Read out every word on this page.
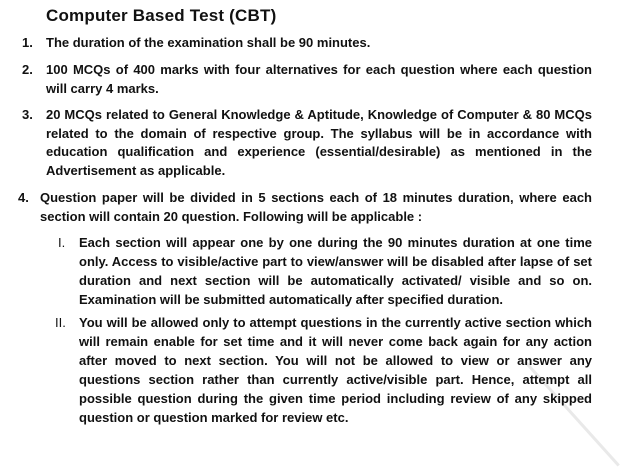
Computer Based Test (CBT)
1. The duration of the examination shall be 90 minutes.
2. 100 MCQs of 400 marks with four alternatives for each question where each question will carry 4 marks.
3. 20 MCQs related to General Knowledge & Aptitude, Knowledge of Computer & 80 MCQs related to the domain of respective group. The syllabus will be in accordance with education qualification and experience (essential/desirable) as mentioned in the Advertisement as applicable.
4. Question paper will be divided in 5 sections each of 18 minutes duration, where each section will contain 20 question. Following will be applicable :
I. Each section will appear one by one during the 90 minutes duration at one time only. Access to visible/active part to view/answer will be disabled after lapse of set duration and next section will be automatically activated/ visible and so on. Examination will be submitted automatically after specified duration.
II. You will be allowed only to attempt questions in the currently active section which will remain enable for set time and it will never come back again for any action after moved to next section. You will not be allowed to view or answer any questions section rather than currently active/visible part. Hence, attempt all possible question during the given time period including review of any skipped question or question marked for review etc.
